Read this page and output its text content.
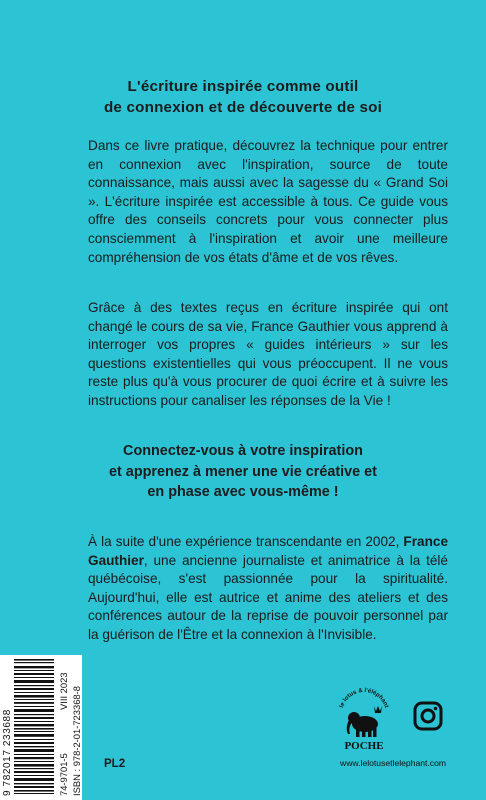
L'écriture inspirée comme outil
de connexion et de découverte de soi
Dans ce livre pratique, découvrez la technique pour entrer en connexion avec l'inspiration, source de toute connaissance, mais aussi avec la sagesse du « Grand Soi ». L'écriture inspirée est accessible à tous. Ce guide vous offre des conseils concrets pour vous connecter plus consciemment à l'inspiration et avoir une meilleure compréhension de vos états d'âme et de vos rêves.
Grâce à des textes reçus en écriture inspirée qui ont changé le cours de sa vie, France Gauthier vous apprend à interroger vos propres « guides intérieurs » sur les questions existentielles qui vous préoccupent. Il ne vous reste plus qu'à vous procurer de quoi écrire et à suivre les instructions pour canaliser les réponses de la Vie !
Connectez-vous à votre inspiration
et apprenez à mener une vie créative et
en phase avec vous-même !
À la suite d'une expérience transcendante en 2002, France Gauthier, une ancienne journaliste et animatrice à la télé québécoise, s'est passionnée pour la spiritualité. Aujourd'hui, elle est autrice et anime des ateliers et des conférences autour de la reprise de pouvoir personnel par la guérison de l'Être et la connexion à l'Invisible.
9 782017 233688	74-9701-5
VIII 2023 ISBN : 978-2-01-723368-8 PL2
le lotus & l'éléphant
POCHE
www.lelotusetlelephant.com
